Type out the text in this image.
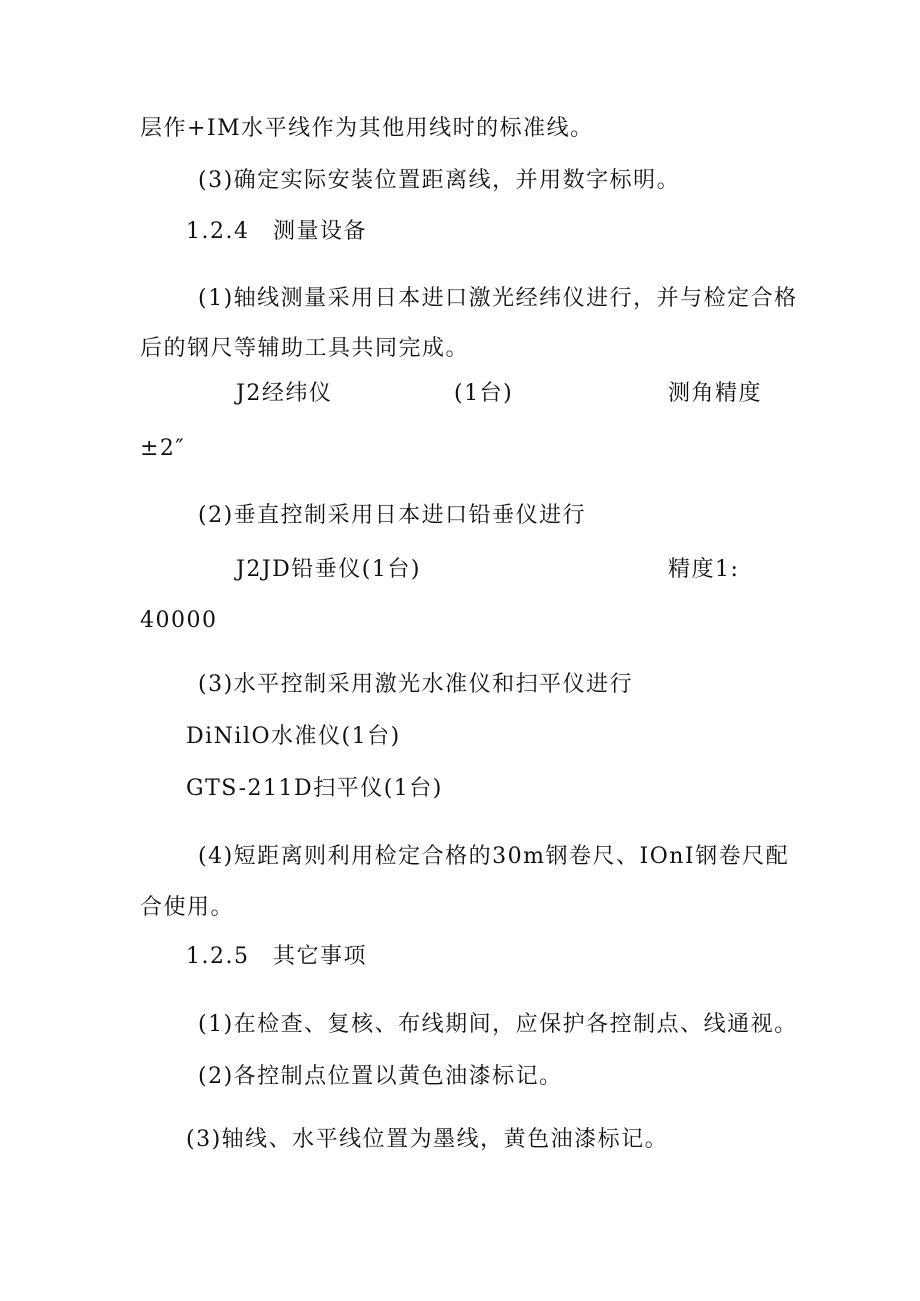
层作+IM水平线作为其他用线时的标准线。
(3)确定实际安装位置距离线，并用数字标明。
1.2.4　测量设备
(1)轴线测量采用日本进口激光经纬仪进行，并与检定合格
后的钢尺等辅助工具共同完成。
J2经纬仪	(1台)	测角精度
±2″
(2)垂直控制采用日本进口铅垂仪进行
J2JD铅垂仪(1台)	精度1:
40000
(3)水平控制采用激光水准仪和扫平仪进行
DiNilO水准仪(1台)
GTS-211D扫平仪(1台)
(4)短距离则利用检定合格的30m钢卷尺、IOnI钢卷尺配
合使用。
1.2.5　其它事项
(1)在检查、复核、布线期间，应保护各控制点、线通视。
(2)各控制点位置以黄色油漆标记。
(3)轴线、水平线位置为墨线，黄色油漆标记。
